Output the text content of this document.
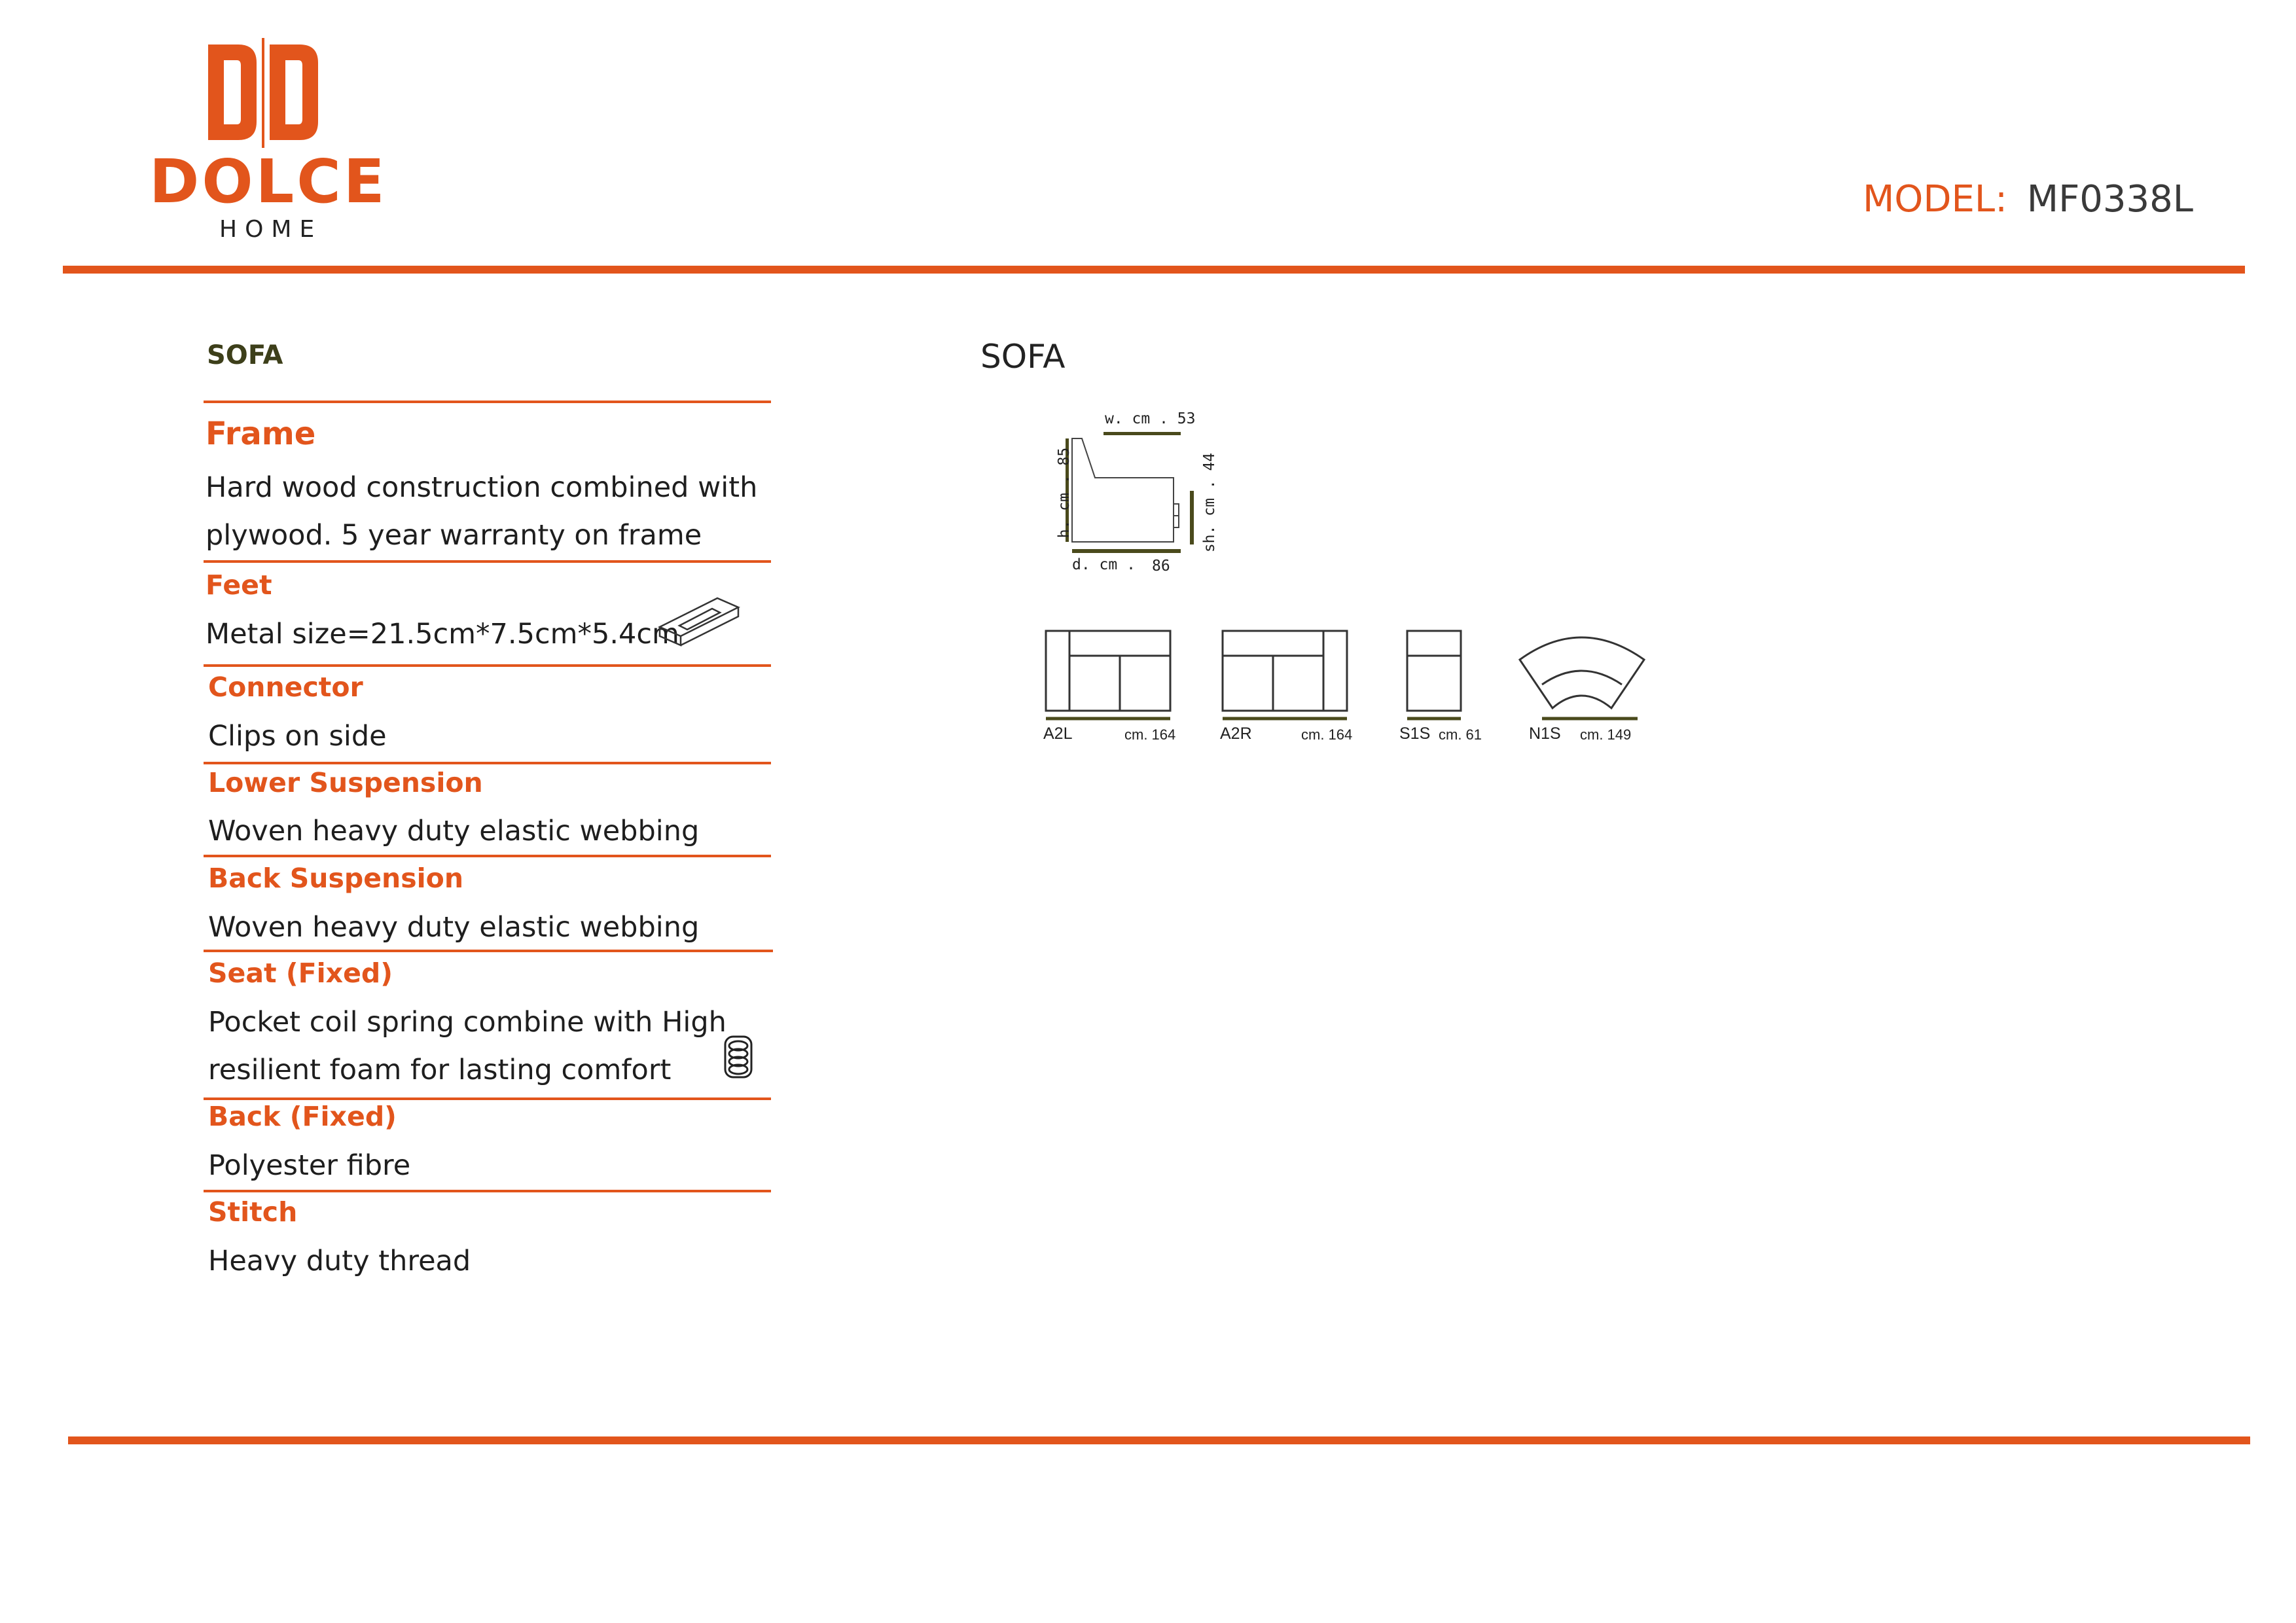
DOLCE
HOME
MODEL: MF0338L
SOFA
Frame
Hard wood construction combined with
plywood. 5 year warranty on frame
Feet
Metal size=21.5cm*7.5cm*5.4cm
Connector
Clips on side
Lower Suspension
Woven heavy duty elastic webbing
Back Suspension
Woven heavy duty elastic webbing
Seat (Fixed)
Pocket coil spring combine with High
resilient foam for lasting comfort
Back (Fixed)
Polyester fibre
Stitch
Heavy duty thread
SOFA
w. cm . 53
h. cm . 85
d. cm . 86
sh. cm . 44
A2L	cm. 164	A2R	cm. 164	S1S cm. 61	N1S cm. 149
